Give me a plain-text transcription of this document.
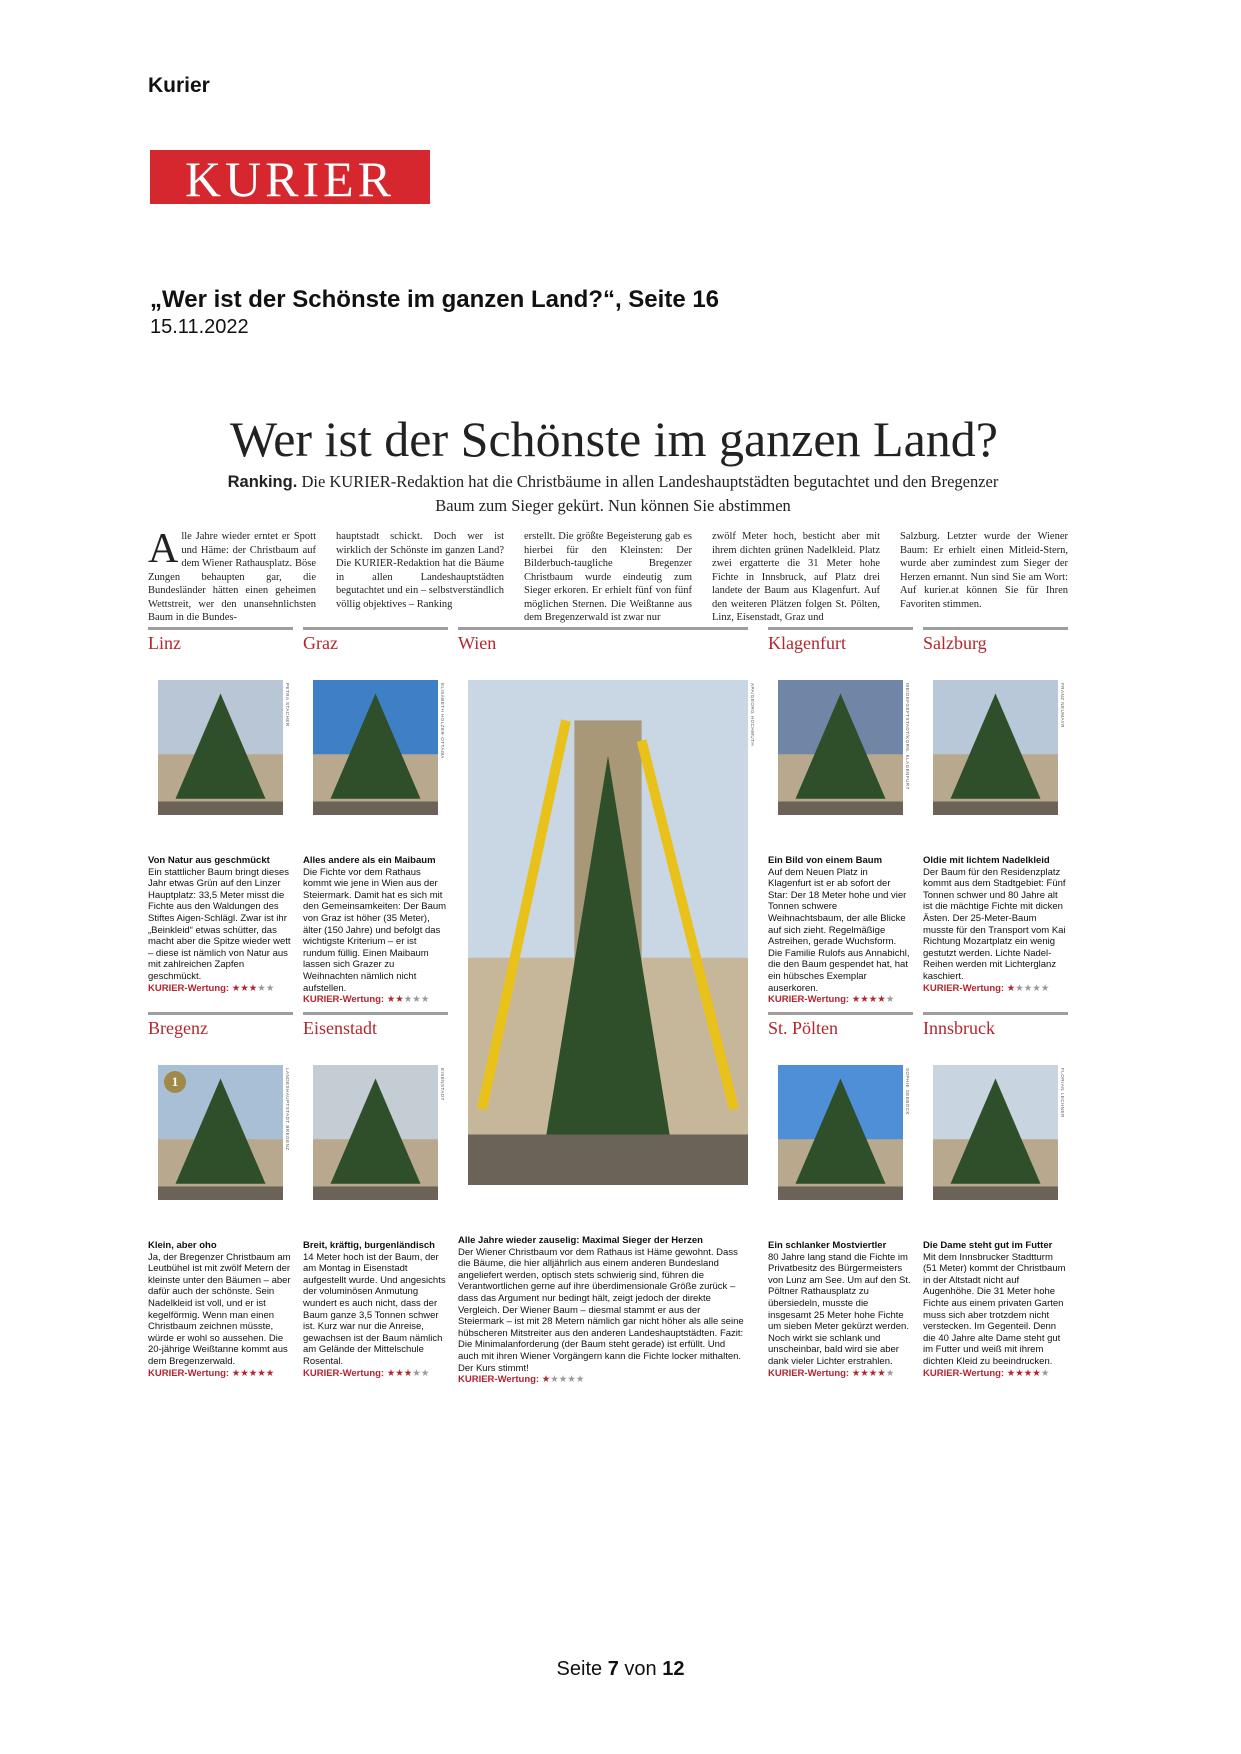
Kurier
KURIER
„Wer ist der Schönste im ganzen Land?“, Seite 16
15.11.2022
Wer ist der Schönste im ganzen Land?
Ranking. Die KURIER-Redaktion hat die Christbäume in allen Landeshauptstädten begutachtet und den Bregenzer Baum zum Sieger gekürt. Nun können Sie abstimmen
Alle Jahre wieder erntet er Spott und Häme: der Christbaum auf dem Wiener Rathausplatz. Böse Zungen behaupten gar, die Bundesländer hätten einen geheimen Wettstreit, wer den unansehnlichsten Baum in die Bundes-
hauptstadt schickt. Doch wer ist wirklich der Schönste im ganzen Land? Die KURIER-Redaktion hat die Bäume in allen Landeshauptstädten begutachtet und ein – selbstverständlich völlig objektives – Ranking
erstellt. Die größte Begeisterung gab es hierbei für den Kleinsten: Der Bilderbuch-taugliche Bregenzer Christbaum wurde eindeutig zum Sieger erkoren. Er erhielt fünf von fünf möglichen Sternen. Die Weißtanne aus dem Bregenzerwald ist zwar nur
zwölf Meter hoch, besticht aber mit ihrem dichten grünen Nadelkleid. Platz zwei ergatterte die 31 Meter hohe Fichte in Innsbruck, auf Platz drei landete der Baum aus Klagenfurt. Auf den weiteren Plätzen folgen St. Pölten, Linz, Eisenstadt, Graz und
Salzburg. Letzter wurde der Wiener Baum: Er erhielt einen Mitleid-Stern, wurde aber zumindest zum Sieger der Herzen ernannt. Nun sind Sie am Wort: Auf kurier.at können Sie für Ihren Favoriten stimmen.
Linz
PETRA STACHER
Von Natur aus geschmückt
Ein stattlicher Baum bringt dieses Jahr etwas Grün auf den Linzer Hauptplatz: 33,5 Meter misst die Fichte aus den Waldungen des Stiftes Aigen-Schlägl. Zwar ist ihr „Beinkleid“ etwas schütter, das macht aber die Spitze wieder wett – diese ist nämlich von Natur aus mit zahlreichen Zapfen geschmückt.
KURIER-Wertung: ★★★★★
Graz
ELISABETH HOLZER-OTTAWA
Alles andere als ein Maibaum
Die Fichte vor dem Rathaus kommt wie jene in Wien aus der Steiermark. Damit hat es sich mit den Gemeinsamkeiten: Der Baum von Graz ist höher (35 Meter), älter (150 Jahre) und befolgt das wichtigste Kriterium – er ist rundum füllig. Einen Maibaum lassen sich Grazer zu Weihnachten nämlich nicht aufstellen.
KURIER-Wertung: ★★★★★
Wien
APA/GEORG HOCHMUTH
Alle Jahre wieder zauselig: Maximal Sieger der Herzen
Der Wiener Christbaum vor dem Rathaus ist Häme gewohnt. Dass die Bäume, die hier alljährlich aus einem anderen Bundesland angeliefert werden, optisch stets schwierig sind, führen die Verantwortlichen gerne auf ihre überdimensionale Größe zurück – dass das Argument nur bedingt hält, zeigt jedoch der direkte Vergleich. Der Wiener Baum – diesmal stammt er aus der Steiermark – ist mit 28 Metern nämlich gar nicht höher als alle seine hübscheren Mitstreiter aus den anderen Landeshauptstädten. Fazit: Die Minimalanforderung (der Baum steht gerade) ist erfüllt. Und auch mit ihren Wiener Vorgängern kann die Fichte locker mithalten. Der Kurs stimmt!
KURIER-Wertung: ★★★★★
Klagenfurt
WEIDEFGEFTSTADT/KORN. KLAGENFURT
Ein Bild von einem Baum
Auf dem Neuen Platz in Klagenfurt ist er ab sofort der Star: Der 18 Meter hohe und vier Tonnen schwere Weihnachtsbaum, der alle Blicke auf sich zieht. Regelmäßige Astreihen, gerade Wuchsform. Die Familie Rulofs aus Annabichl, die den Baum gespendet hat, hat ein hübsches Exemplar auserkoren.
KURIER-Wertung: ★★★★★
Salzburg
FRANZ NEUMAYR
Oldie mit lichtem Nadelkleid
Der Baum für den Residenzplatz kommt aus dem Stadtgebiet: Fünf Tonnen schwer und 80 Jahre alt ist die mächtige Fichte mit dicken Ästen. Der 25-Meter-Baum musste für den Transport vom Kai Richtung Mozartplatz ein wenig gestutzt werden. Lichte Nadel-Reihen werden mit Lichterglanz kaschiert.
KURIER-Wertung: ★★★★★
Bregenz
1	LANDESHAUPTSTADT BREGENZ
Klein, aber oho
Ja, der Bregenzer Christbaum am Leutbühel ist mit zwölf Metern der kleinste unter den Bäumen – aber dafür auch der schönste. Sein Nadelkleid ist voll, und er ist kegelförmig. Wenn man einen Christbaum zeichnen müsste, würde er wohl so aussehen. Die 20-jährige Weißtanne kommt aus dem Bregenzerwald.
KURIER-Wertung: ★★★★★
Eisenstadt
EISENSTADT
Breit, kräftig, burgenländisch
14 Meter hoch ist der Baum, der am Montag in Eisenstadt aufgestellt wurde. Und angesichts der voluminösen Anmutung wundert es auch nicht, dass der Baum ganze 3,5 Tonnen schwer ist. Kurz war nur die Anreise, gewachsen ist der Baum nämlich am Gelände der Mittelschule Rosental.
KURIER-Wertung: ★★★★★
St. Pölten
SOPHIE SEEBÖCK
Ein schlanker Mostviertler
80 Jahre lang stand die Fichte im Privatbesitz des Bürgermeisters von Lunz am See. Um auf den St. Pöltner Rathausplatz zu übersiedeln, musste die insgesamt 25 Meter hohe Fichte um sieben Meter gekürzt werden. Noch wirkt sie schlank und unscheinbar, bald wird sie aber dank vieler Lichter erstrahlen.
KURIER-Wertung: ★★★★★
Innsbruck
FLORIAN LECHNER
Die Dame steht gut im Futter
Mit dem Innsbrucker Stadtturm (51 Meter) kommt der Christbaum in der Altstadt nicht auf Augenhöhe. Die 31 Meter hohe Fichte aus einem privaten Garten muss sich aber trotzdem nicht verstecken. Im Gegenteil. Denn die 40 Jahre alte Dame steht gut im Futter und weiß mit ihrem dichten Kleid zu beeindrucken.
KURIER-Wertung: ★★★★★
Seite 7 von 12
